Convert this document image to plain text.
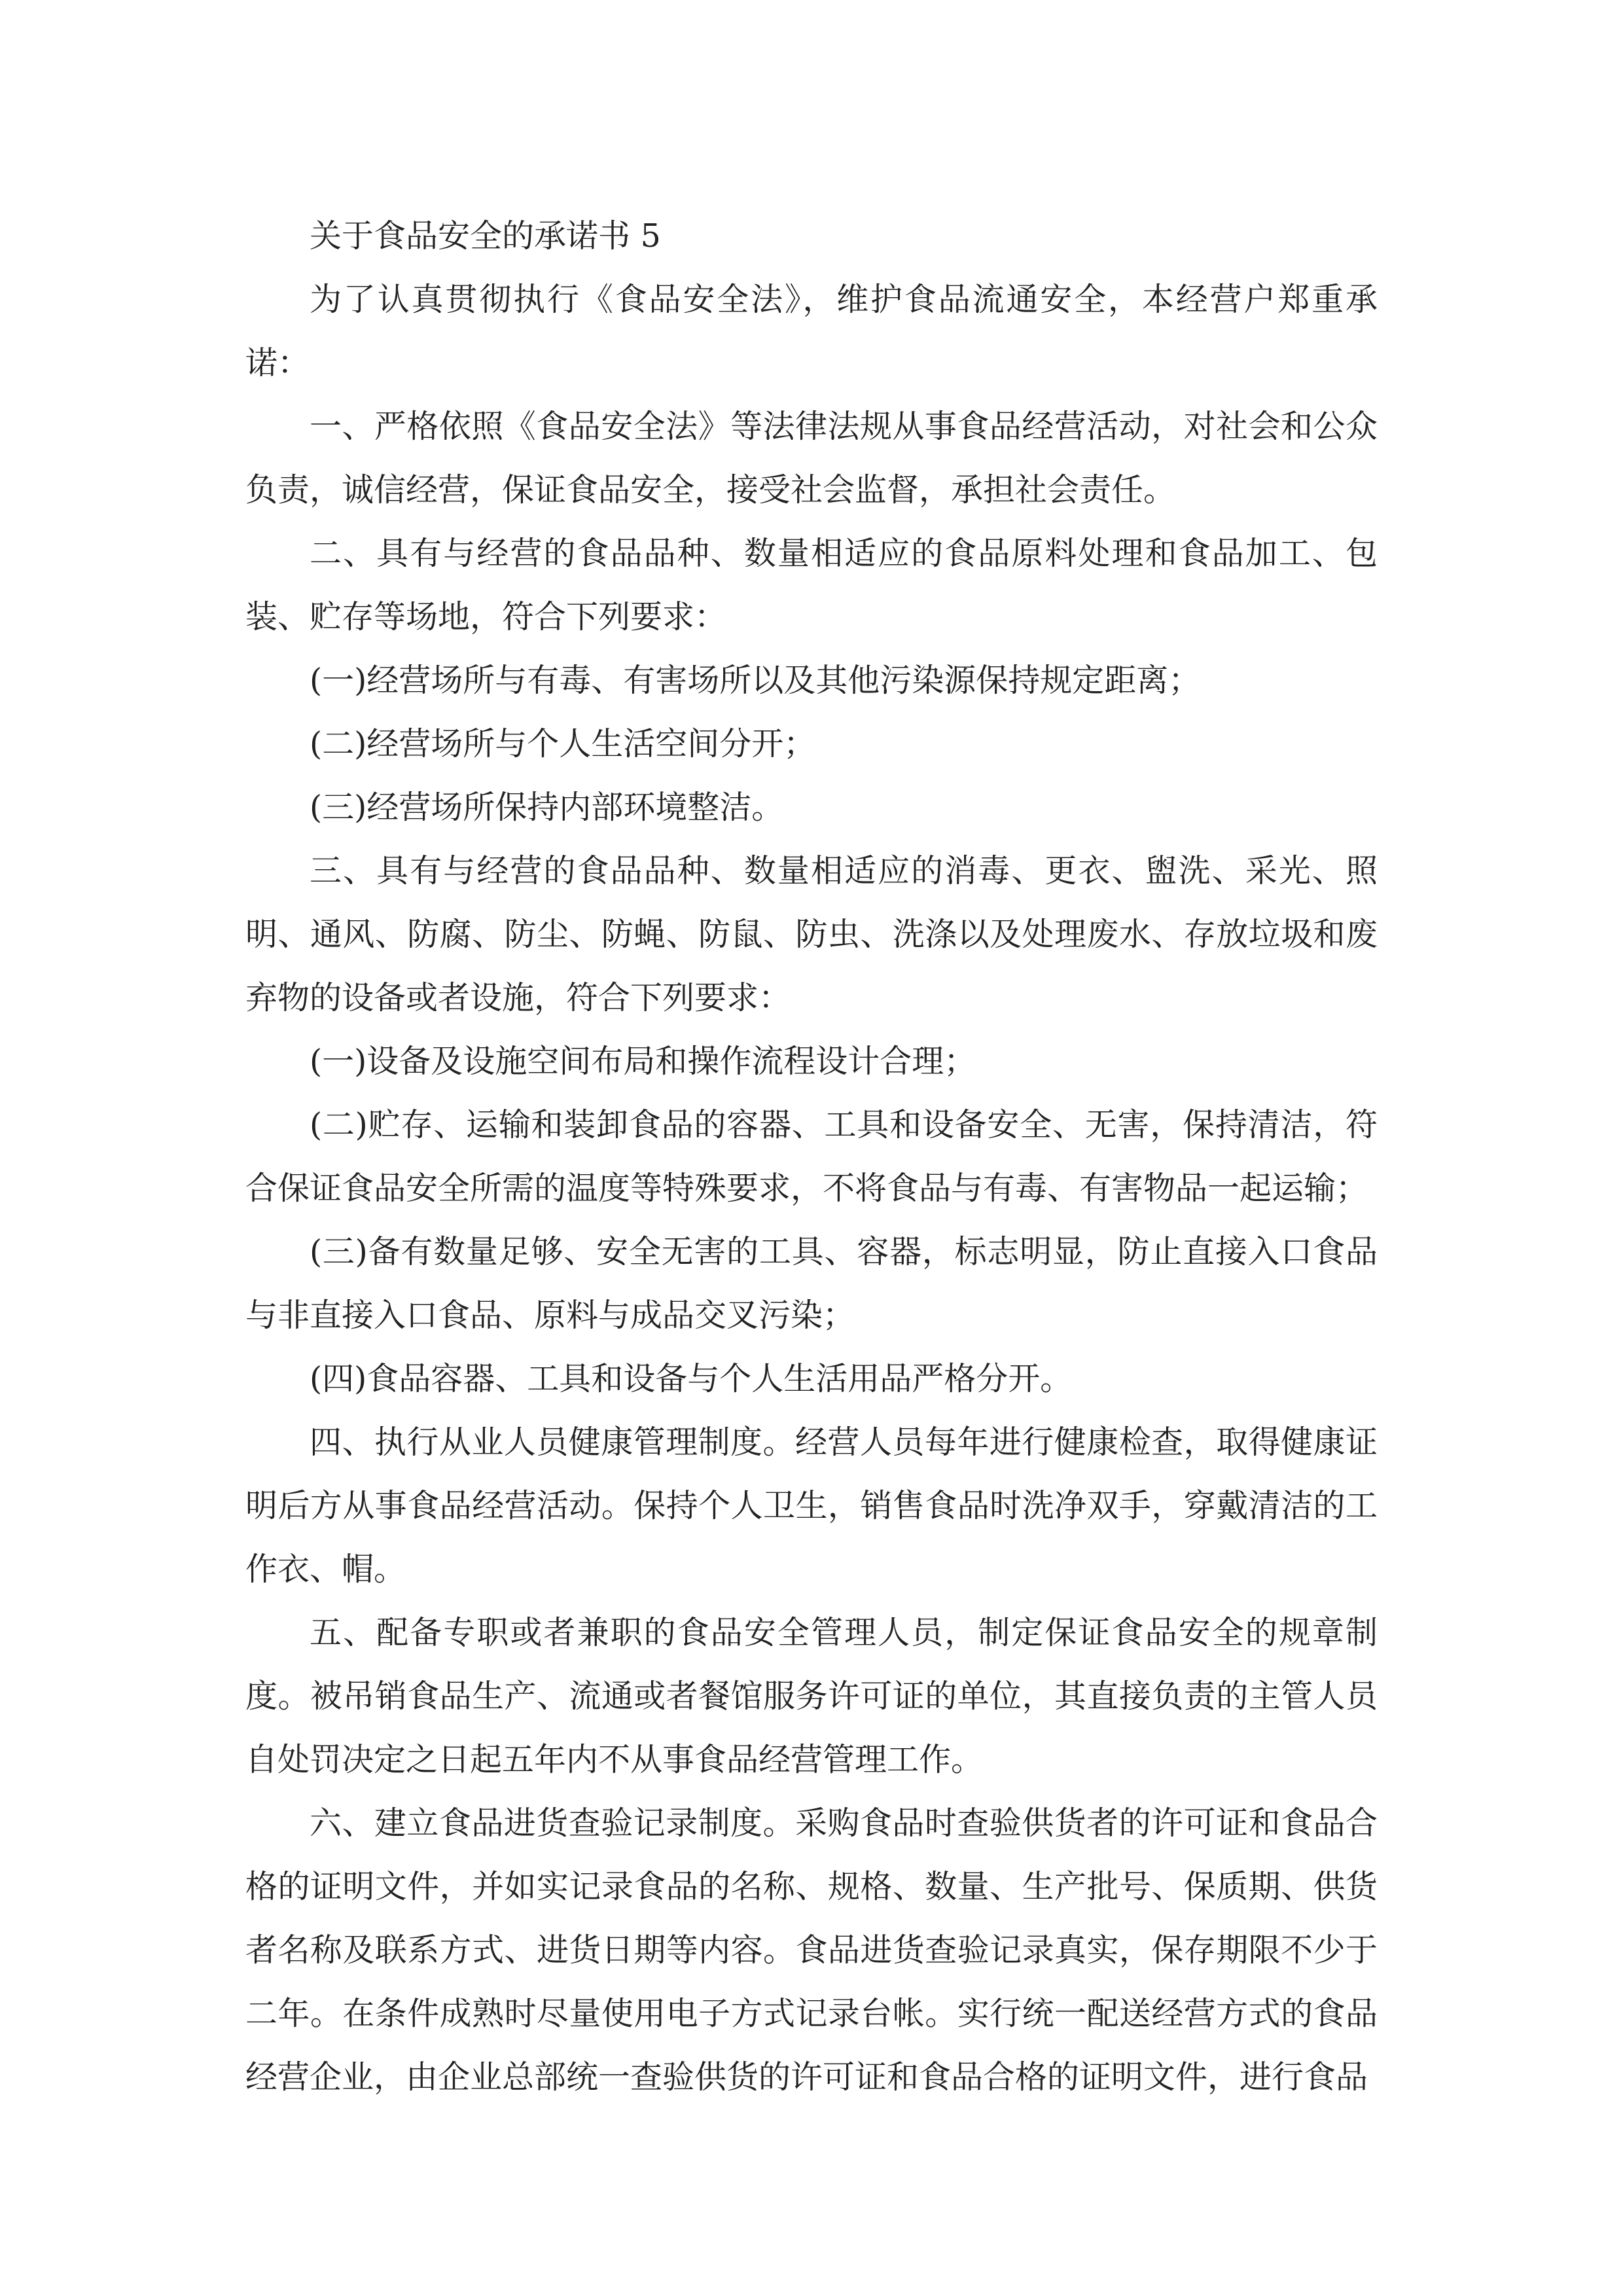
关于食品安全的承诺书 5

为了认真贯彻执行《食品安全法》，维护食品流通安全，本经营户郑重承诺：

一、严格依照《食品安全法》等法律法规从事食品经营活动，对社会和公众负责，诚信经营，保证食品安全，接受社会监督，承担社会责任。

二、具有与经营的食品品种、数量相适应的食品原料处理和食品加工、包装、贮存等场地，符合下列要求：

(一)经营场所与有毒、有害场所以及其他污染源保持规定距离；

(二)经营场所与个人生活空间分开；

(三)经营场所保持内部环境整洁。

三、具有与经营的食品品种、数量相适应的消毒、更衣、盥洗、采光、照明、通风、防腐、防尘、防蝇、防鼠、防虫、洗涤以及处理废水、存放垃圾和废弃物的设备或者设施，符合下列要求：

(一)设备及设施空间布局和操作流程设计合理；

(二)贮存、运输和装卸食品的容器、工具和设备安全、无害，保持清洁，符合保证食品安全所需的温度等特殊要求，不将食品与有毒、有害物品一起运输；

(三)备有数量足够、安全无害的工具、容器，标志明显，防止直接入口食品与非直接入口食品、原料与成品交叉污染；

(四)食品容器、工具和设备与个人生活用品严格分开。

四、执行从业人员健康管理制度。经营人员每年进行健康检查，取得健康证明后方从事食品经营活动。保持个人卫生，销售食品时洗净双手，穿戴清洁的工作衣、帽。

五、配备专职或者兼职的食品安全管理人员，制定保证食品安全的规章制度。被吊销食品生产、流通或者餐馆服务许可证的单位，其直接负责的主管人员自处罚决定之日起五年内不从事食品经营管理工作。

六、建立食品进货查验记录制度。采购食品时查验供货者的许可证和食品合格的证明文件，并如实记录食品的名称、规格、数量、生产批号、保质期、供货者名称及联系方式、进货日期等内容。食品进货查验记录真实，保存期限不少于二年。在条件成熟时尽量使用电子方式记录台帐。实行统一配送经营方式的食品经营企业，由企业总部统一查验供货的许可证和食品合格的证明文件，进行食品
